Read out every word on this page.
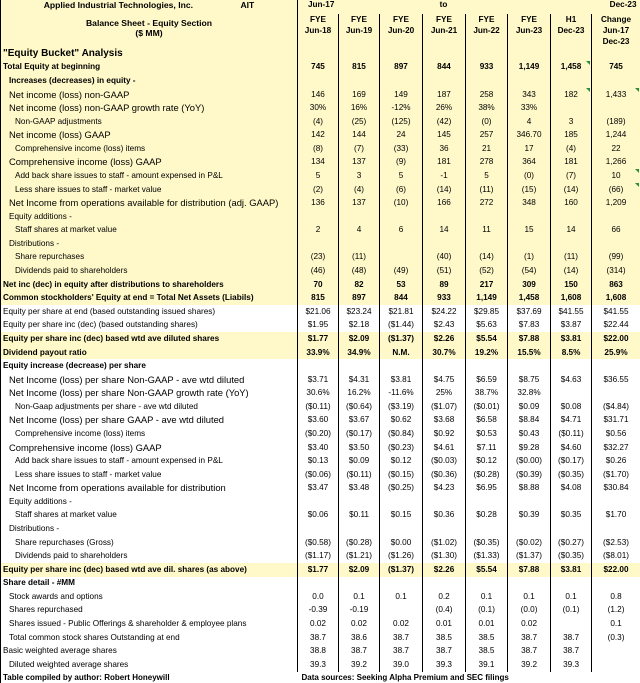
Applied Industrial Technologies, Inc. AIT
Balance Sheet - Equity Section
($ MM)	Jun-17		to			Dec-23		
	FYE	FYE	FYE	FYE	FYE	FYE	H1	Change
	Jun-18	Jun-19	Jun-20	Jun-21	Jun-22	Jun-23	Dec-23	Jun-17
								Dec-23
"Equity Bucket" Analysis								
Total Equity at beginning	745	815	897	844	933	1,149	1,458	745
Increases (decreases) in equity -								
Net income (loss) non-GAAP	146	169	149	187	258	343	182	1,433
Net income (loss) non-GAAP growth rate (YoY)	30%	16%	-12%	26%	38%	33%		
Non-GAAP adjustments	(4)	(25)	(125)	(42)	(0)	4	3	(189)
Net income (loss) GAAP	142	144	24	145	257	346.70	185	1,244
Comprehensive income (loss) items	(8)	(7)	(33)	36	21	17	(4)	22
Comprehensive income (loss) GAAP	134	137	(9)	181	278	364	181	1,266
Add back share issues to staff - amount expensed in P&L	5	3	5	-1	5	(0)	(7)	10
Less share issues to staff - market value	(2)	(4)	(6)	(14)	(11)	(15)	(14)	(66)
Net Income from operations available for distribution (adj. GAAP)	136	137	(10)	166	272	348	160	1,209
Equity additions -								
Staff shares at market value	2	4	6	14	11	15	14	66
Distributions -								
Share repurchases	(23)	(11)		(40)	(14)	(1)	(11)	(99)
Dividends paid to shareholders	(46)	(48)	(49)	(51)	(52)	(54)	(14)	(314)
Net inc (dec) in equity after distributions to shareholders	70	82	53	89	217	309	150	863
Common stockholders' Equity at end = Total Net Assets (Liabils)	815	897	844	933	1,149	1,458	1,608	1,608
Equity per share at end (based outstanding issued shares)	$21.06	$23.24	$21.81	$24.22	$29.85	$37.69	$41.55	$41.55
Equity per share inc (dec) (based outstanding shares)	$1.95	$2.18	($1.44)	$2.43	$5.63	$7.83	$3.87	$22.44
Equity per share inc (dec) based wtd ave diluted shares	$1.77	$2.09	($1.37)	$2.26	$5.54	$7.88	$3.81	$22.00
Dividend payout ratio	33.9%	34.9%	N.M.	30.7%	19.2%	15.5%	8.5%	25.9%
Equity increase (decrease) per share								
Net Income (loss) per share Non-GAAP - ave wtd diluted	$3.71	$4.31	$3.81	$4.75	$6.59	$8.75	$4.63	$36.55
Net Income (loss) per share Non-GAAP growth rate (YoY)	30.6%	16.2%	-11.6%	25%	38.7%	32.8%		
Non-Gaap adjustments per share - ave wtd diluted	($0.11)	($0.64)	($3.19)	($1.07)	($0.01)	$0.09	$0.08	($4.84)
Net Income (loss) per share GAAP - ave wtd diluted	$3.60	$3.67	$0.62	$3.68	$6.58	$8.84	$4.71	$31.71
Comprehensive income (loss) items	($0.20)	($0.17)	($0.84)	$0.92	$0.53	$0.43	($0.11)	$0.56
Comprehensive income (loss) GAAP	$3.40	$3.50	($0.23)	$4.61	$7.11	$9.28	$4.60	$32.27
Add back share issues to staff - amount expensed in P&L	$0.13	$0.09	$0.12	($0.03)	$0.12	($0.00)	($0.17)	$0.26
Less share issues to staff - market value	($0.06)	($0.11)	($0.15)	($0.36)	($0.28)	($0.39)	($0.35)	($1.70)
Net Income from operations available for distribution	$3.47	$3.48	($0.25)	$4.23	$6.95	$8.88	$4.08	$30.84
Equity additions -								
Staff shares at market value	$0.06	$0.11	$0.15	$0.36	$0.28	$0.39	$0.35	$1.70
Distributions -								
Share repurchases (Gross)	($0.58)	($0.28)	$0.00	($1.02)	($0.35)	($0.02)	($0.27)	($2.53)
Dividends paid to shareholders	($1.17)	($1.21)	($1.26)	($1.30)	($1.33)	($1.37)	($0.35)	($8.01)
Equity per share inc (dec) based wtd ave dil. shares (as above)	$1.77	$2.09	($1.37)	$2.26	$5.54	$7.88	$3.81	$22.00
Share detail - #MM								
Stock awards and options	0.0	0.1	0.1	0.2	0.1	0.1	0.1	0.8
Shares repurchased	-0.39	-0.19		(0.4)	(0.1)	(0.0)	(0.1)	(1.2)
Shares issued - Public Offerings & shareholder & employee plans	0.02	0.02	0.02	0.01	0.01	0.02		0.1
Total common stock shares Outstanding at end	38.7	38.6	38.7	38.5	38.5	38.7	38.7	(0.3)
Basic weighted average shares	38.8	38.7	38.7	38.7	38.5	38.7	38.7	
Diluted weighted average shares	39.3	39.2	39.0	39.3	39.1	39.2	39.3	
Table compiled by author: Robert Honeywill	Data sources: Seeking Alpha Premium and SEC filings							
